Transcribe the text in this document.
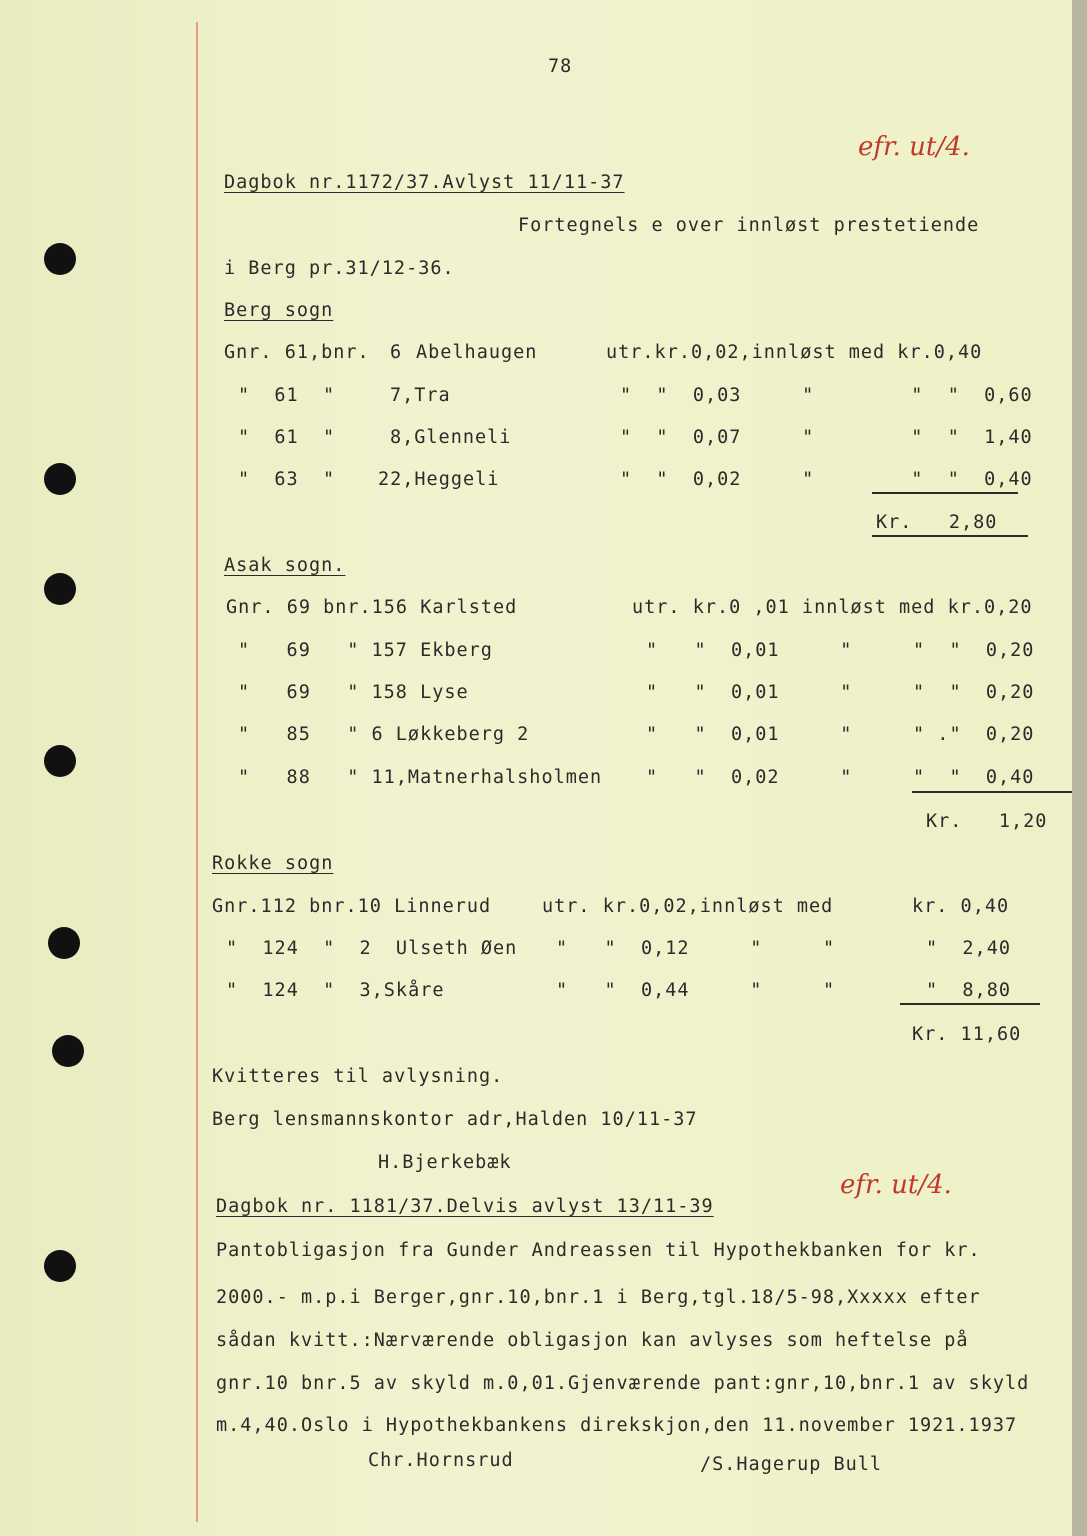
78
efr. ut/4.
Dagbok nr.1172/37.Avlyst 11/11-37
Fortegnels e over innløst prestetiende
i Berg pr.31/12-36.
Berg sogn
Gnr. 61,bnr. 6 Abelhaugen	utr.kr.0,02,innløst med kr.0,40
"  61  "	7,Tra	"  "  0,03     "        "  "  0,60
"  61  "	8,Glenneli	"  "  0,07     "        "  "  1,40
"  63  " 22,Heggeli	"  "  0,02     "        "  "  0,40
Kr.   2,80
Asak sogn.
Gnr. 69 bnr.156 Karlsted	utr. kr.0 ,01 innløst med kr.0,20
"   69   " 157 Ekberg	"   "  0,01     "     "  "  0,20
"   69   " 158 Lyse	"   "  0,01     "     "  "  0,20
"   85   " 6 Løkkeberg 2	"   "  0,01     "     " ."  0,20
"   88   " 11,Matnerhalsholmen "   "  0,02     "     "  "  0,40
Kr.   1,20
Rokke sogn
Gnr.112 bnr.10 Linnerud	utr. kr.0,02,innløst med	kr. 0,40
"  124  "  2  Ulseth Øen "   "  0,12     "     "	"  2,40
"  124  "  3,Skåre	"   "  0,44     "     "	"  8,80
Kr. 11,60
Kvitteres til avlysning.
Berg lensmannskontor adr,Halden 10/11-37
H.Bjerkebæk
efr. ut/4.
Dagbok nr. 1181/37.Delvis avlyst 13/11-39
Pantobligasjon fra Gunder Andreassen til Hypothekbanken for kr.
2000.- m.p.i Berger,gnr.10,bnr.1 i Berg,tgl.18/5-98,Xxxxx efter
sådan kvitt.:Nærværende obligasjon kan avlyses som heftelse på
gnr.10 bnr.5 av skyld m.0,01.Gjenværende pant:gnr,10,bnr.1 av skyld
m.4,40.Oslo i Hypothekbankens direkskjon,den 11.november 1921.1937
Chr.Hornsrud	/S.Hagerup Bull
